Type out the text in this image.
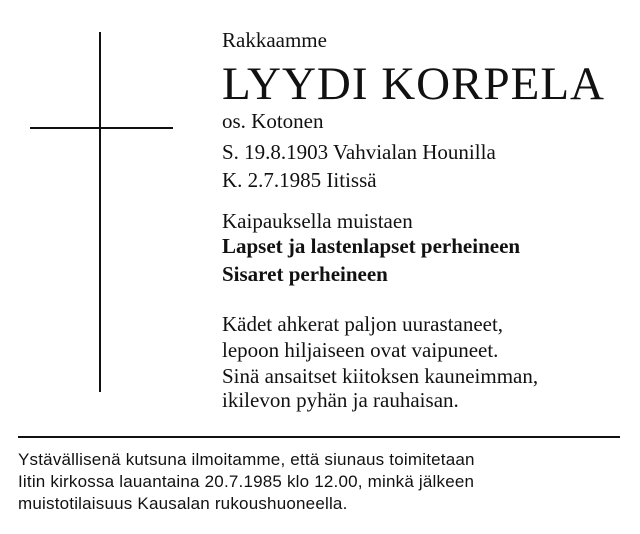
Rakkaamme
LYYDI KORPELA
os. Kotonen
S. 19.8.1903 Vahvialan Hounilla
K. 2.7.1985 Iitissä
Kaipauksella muistaen
Lapset ja lastenlapset perheineen
Sisaret perheineen
Kädet ahkerat paljon uurastaneet,
lepoon hiljaiseen ovat vaipuneet.
Sinä ansaitset kiitoksen kauneimman,
ikilevon pyhän ja rauhaisan.
Ystävällisenä kutsuna ilmoitamme, että siunaus toimitetaan
Iitin kirkossa lauantaina 20.7.1985 klo 12.00, minkä jälkeen
muistotilaisuus Kausalan rukoushuoneella.
